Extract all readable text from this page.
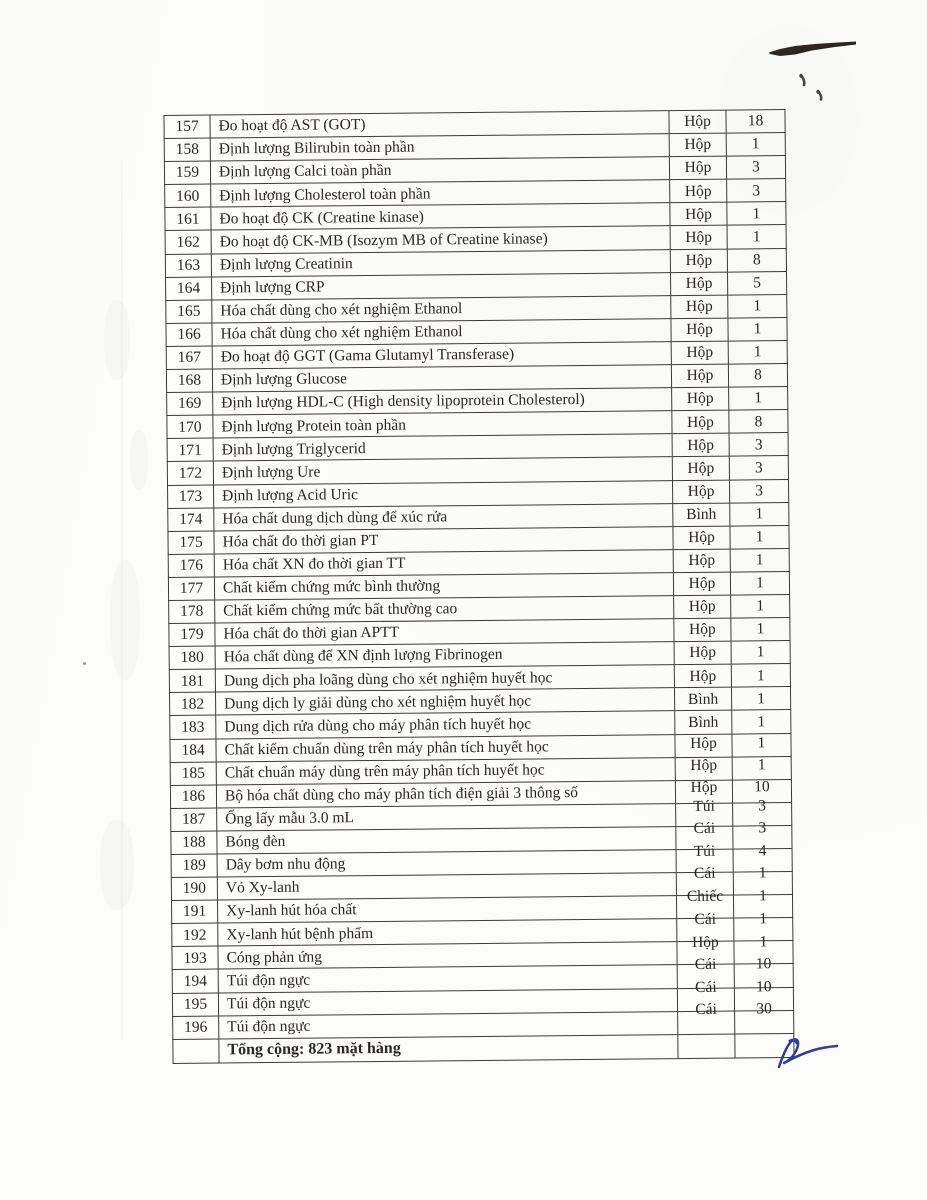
157	Đo hoạt độ AST (GOT)	Hộp	18
158	Định lượng Bilirubin toàn phần	Hộp	1
159	Định lượng Calci toàn phần	Hộp	3
160	Định lượng Cholesterol toàn phần	Hộp	3
161	Đo hoạt độ CK (Creatine kinase)	Hộp	1
162	Đo hoạt độ CK-MB (Isozym MB of Creatine kinase)	Hộp	1
163	Định lượng Creatinin	Hộp	8
164	Định lượng CRP	Hộp	5
165	Hóa chất dùng cho xét nghiệm Ethanol	Hộp	1
166	Hóa chất dùng cho xét nghiệm Ethanol	Hộp	1
167	Đo hoạt độ GGT (Gama Glutamyl Transferase)	Hộp	1
168	Định lượng Glucose	Hộp	8
169	Định lượng HDL-C (High density lipoprotein Cholesterol)	Hộp	1
170	Định lượng Protein toàn phần	Hộp	8
171	Định lượng Triglycerid	Hộp	3
172	Định lượng Ure	Hộp	3
173	Định lượng Acid Uric	Hộp	3
174	Hóa chất dung dịch dùng để xúc rửa	Bình	1
175	Hóa chất đo thời gian PT	Hộp	1
176	Hóa chất XN đo thời gian TT	Hộp	1
177	Chất kiểm chứng mức bình thường	Hộp	1
178	Chất kiểm chứng mức bất thường cao	Hộp	1
179	Hóa chất đo thời gian APTT	Hộp	1
180	Hóa chất dùng để XN định lượng Fibrinogen	Hộp	1
181	Dung dịch pha loãng dùng cho xét nghiệm huyết học	Hộp	1
182	Dung dịch ly giải dùng cho xét nghiệm huyết học	Bình	1
183	Dung dịch rửa dùng cho máy phân tích huyết học	Bình	1
184	Chất kiểm chuẩn dùng trên máy phân tích huyết học	Hộp	1
185	Chất chuẩn máy dùng trên máy phân tích huyết học	Hộp	1
186	Bộ hóa chất dùng cho máy phân tích điện giải 3 thông số	Hộp	10
187	Ống lấy mẫu 3.0 mL	Túi	3
188	Bóng đèn	Cái	3
189	Dây bơm nhu động	Túi	4
190	Vỏ Xy-lanh	Cái	1
191	Xy-lanh hút hóa chất	Chiếc	1
192	Xy-lanh hút bệnh phẩm	Cái	1
193	Cóng phản ứng	Hộp	1
194	Túi độn ngực	Cái	10
195	Túi độn ngực	Cái	10
196	Túi độn ngực	Cái	30
	Tổng cộng: 823 mặt hàng		
